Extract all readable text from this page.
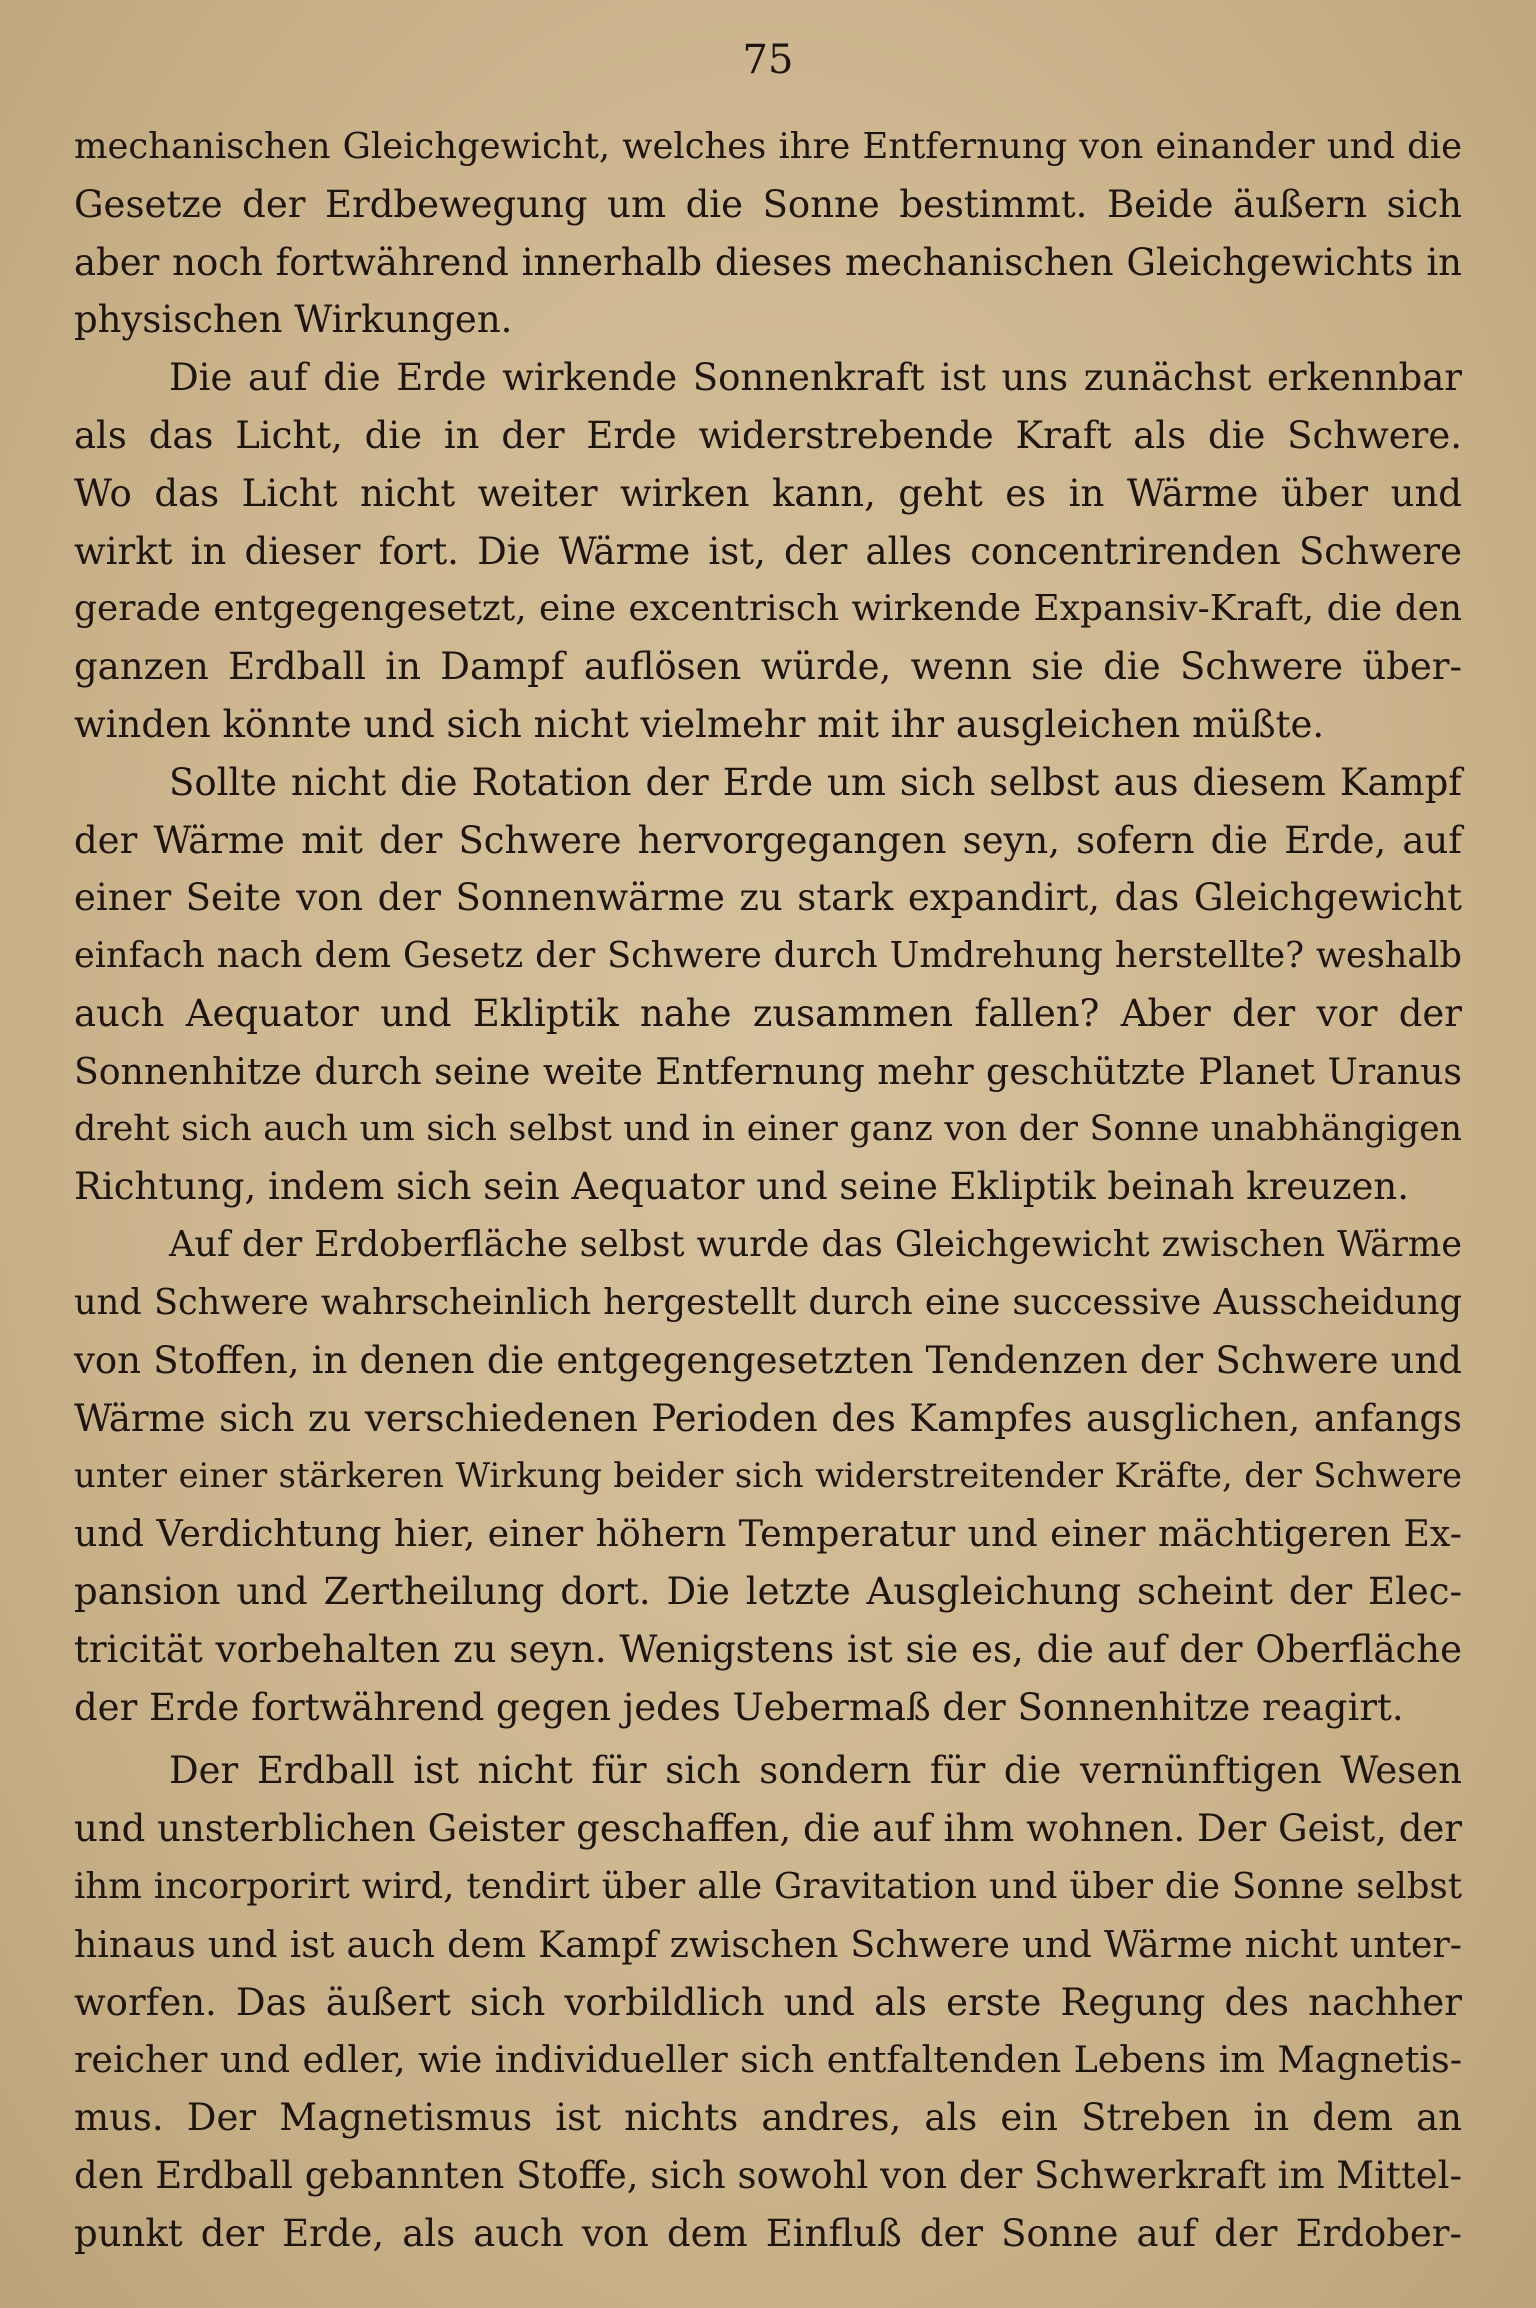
75
mechanischen Gleichgewicht, welches ihre Entfernung von einander und die
Gesetze der Erdbewegung um die Sonne bestimmt. Beide äußern sich
aber noch fortwährend innerhalb dieses mechanischen Gleichgewichts in
physischen Wirkungen.
Die auf die Erde wirkende Sonnenkraft ist uns zunächst erkennbar
als das Licht, die in der Erde widerstrebende Kraft als die Schwere.
Wo das Licht nicht weiter wirken kann, geht es in Wärme über und
wirkt in dieser fort. Die Wärme ist, der alles concentrirenden Schwere
gerade entgegengesetzt, eine excentrisch wirkende Expansiv-Kraft, die den
ganzen Erdball in Dampf auflösen würde, wenn sie die Schwere über-
winden könnte und sich nicht vielmehr mit ihr ausgleichen müßte.
Sollte nicht die Rotation der Erde um sich selbst aus diesem Kampf
der Wärme mit der Schwere hervorgegangen seyn, sofern die Erde, auf
einer Seite von der Sonnenwärme zu stark expandirt, das Gleichgewicht
einfach nach dem Gesetz der Schwere durch Umdrehung herstellte? weshalb
auch Aequator und Ekliptik nahe zusammen fallen? Aber der vor der
Sonnenhitze durch seine weite Entfernung mehr geschützte Planet Uranus
dreht sich auch um sich selbst und in einer ganz von der Sonne unabhängigen
Richtung, indem sich sein Aequator und seine Ekliptik beinah kreuzen.
Auf der Erdoberfläche selbst wurde das Gleichgewicht zwischen Wärme
und Schwere wahrscheinlich hergestellt durch eine successive Ausscheidung
von Stoffen, in denen die entgegengesetzten Tendenzen der Schwere und
Wärme sich zu verschiedenen Perioden des Kampfes ausglichen, anfangs
unter einer stärkeren Wirkung beider sich widerstreitender Kräfte, der Schwere
und Verdichtung hier, einer höhern Temperatur und einer mächtigeren Ex-
pansion und Zertheilung dort. Die letzte Ausgleichung scheint der Elec-
tricität vorbehalten zu seyn. Wenigstens ist sie es, die auf der Oberfläche
der Erde fortwährend gegen jedes Uebermaß der Sonnenhitze reagirt.
Der Erdball ist nicht für sich sondern für die vernünftigen Wesen
und unsterblichen Geister geschaffen, die auf ihm wohnen. Der Geist, der
ihm incorporirt wird, tendirt über alle Gravitation und über die Sonne selbst
hinaus und ist auch dem Kampf zwischen Schwere und Wärme nicht unter-
worfen. Das äußert sich vorbildlich und als erste Regung des nachher
reicher und edler, wie individueller sich entfaltenden Lebens im Magnetis-
mus. Der Magnetismus ist nichts andres, als ein Streben in dem an
den Erdball gebannten Stoffe, sich sowohl von der Schwerkraft im Mittel-
punkt der Erde, als auch von dem Einfluß der Sonne auf der Erdober-
